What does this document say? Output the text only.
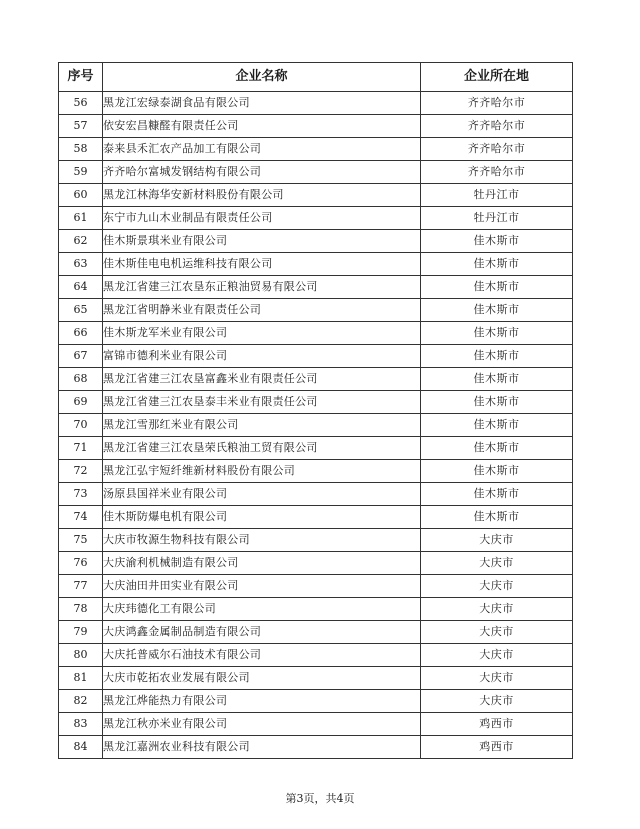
序号	企业名称	企业所在地
56	黑龙江宏绿泰湖食品有限公司	齐齐哈尔市
57	依安宏昌糠醛有限责任公司	齐齐哈尔市
58	泰来县禾汇农产品加工有限公司	齐齐哈尔市
59	齐齐哈尔富城发钢结构有限公司	齐齐哈尔市
60	黑龙江林海华安新材料股份有限公司	牡丹江市
61	东宁市九山木业制品有限责任公司	牡丹江市
62	佳木斯景琪米业有限公司	佳木斯市
63	佳木斯佳电电机运维科技有限公司	佳木斯市
64	黑龙江省建三江农垦东正粮油贸易有限公司	佳木斯市
65	黑龙江省明静米业有限责任公司	佳木斯市
66	佳木斯龙军米业有限公司	佳木斯市
67	富锦市德利米业有限公司	佳木斯市
68	黑龙江省建三江农垦富鑫米业有限责任公司	佳木斯市
69	黑龙江省建三江农垦泰丰米业有限责任公司	佳木斯市
70	黑龙江雪那红米业有限公司	佳木斯市
71	黑龙江省建三江农垦荣氏粮油工贸有限公司	佳木斯市
72	黑龙江弘宇短纤维新材料股份有限公司	佳木斯市
73	汤原县国祥米业有限公司	佳木斯市
74	佳木斯防爆电机有限公司	佳木斯市
75	大庆市牧源生物科技有限公司	大庆市
76	大庆渝利机械制造有限公司	大庆市
77	大庆油田井田实业有限公司	大庆市
78	大庆玮德化工有限公司	大庆市
79	大庆鸿鑫金属制品制造有限公司	大庆市
80	大庆托普威尔石油技术有限公司	大庆市
81	大庆市乾拓农业发展有限公司	大庆市
82	黑龙江烨能热力有限公司	大庆市
83	黑龙江秋亦米业有限公司	鸡西市
84	黑龙江嘉洲农业科技有限公司	鸡西市
第3页，共4页
